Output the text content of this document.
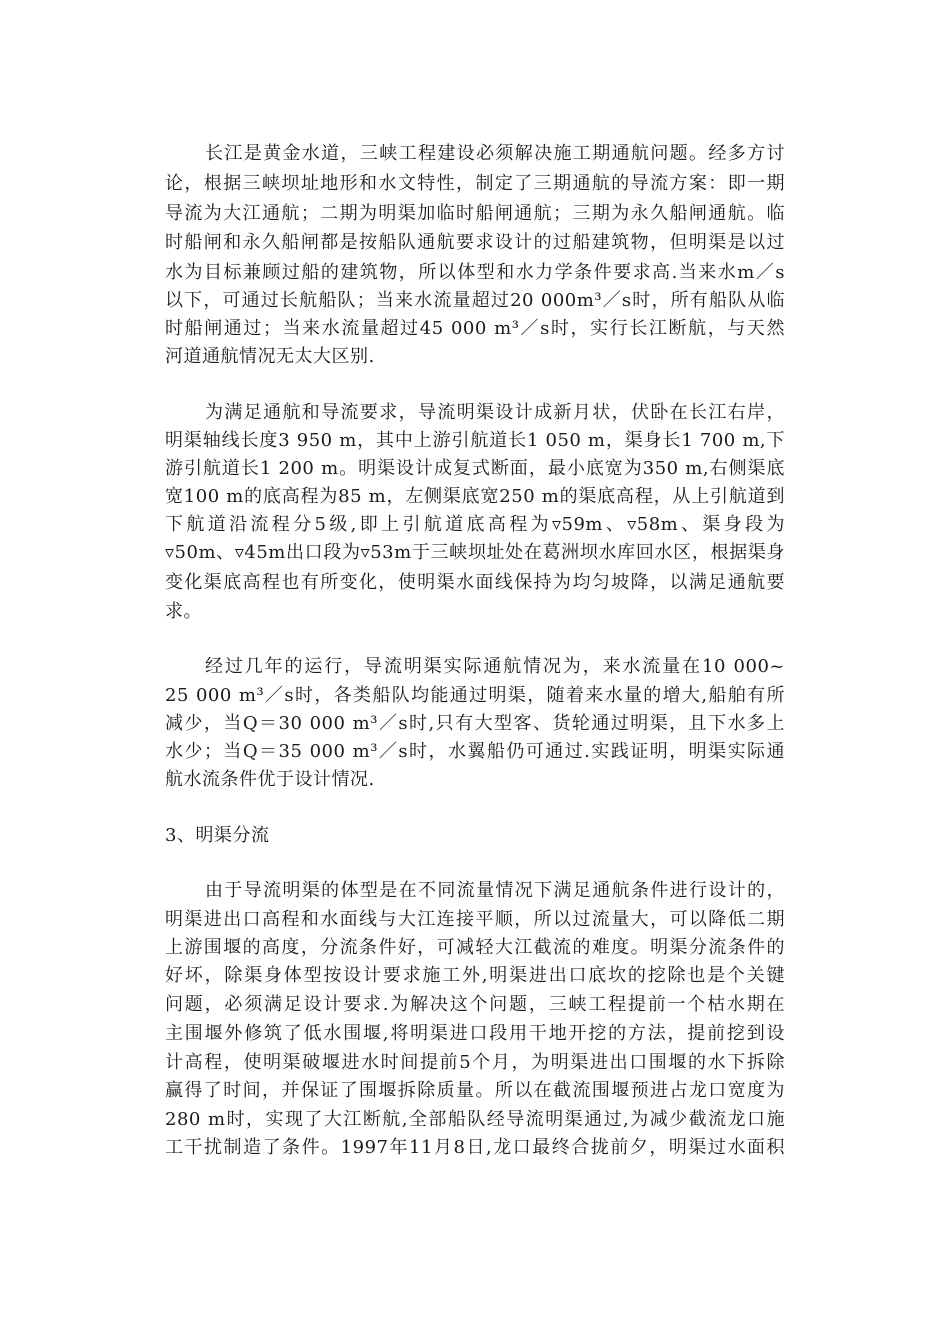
长江是黄金水道，三峡工程建设必须解决施工期通航问题。经多方讨
论，根据三峡坝址地形和水文特性，制定了三期通航的导流方案：即一期
导流为大江通航；二期为明渠加临时船闸通航；三期为永久船闸通航。临
时船闸和永久船闸都是按船队通航要求设计的过船建筑物，但明渠是以过
水为目标兼顾过船的建筑物，所以体型和水力学条件要求高.当来水m／s
以下，可通过长航船队；当来水流量超过20 000m³／s时，所有船队从临
时船闸通过；当来水流量超过45 000 m³／s时，实行长江断航，与天然
河道通航情况无太大区别.
为满足通航和导流要求，导流明渠设计成新月状，伏卧在长江右岸，
明渠轴线长度3 950 m，其中上游引航道长1 050 m，渠身长1 700 m,下
游引航道长1 200 m。明渠设计成复式断面，最小底宽为350 m,右侧渠底
宽100 m的底高程为85 m，左侧渠底宽250 m的渠底高程，从上引航道到
下航道沿流程分5级,即上引航道底高程为▿59m、▿58m、渠身段为
▿50m、▿45m出口段为▿53m于三峡坝址处在葛洲坝水库回水区，根据渠身
变化渠底高程也有所变化，使明渠水面线保持为均匀坡降，以满足通航要
求。
经过几年的运行，导流明渠实际通航情况为，来水流量在10 000~
25 000 m³／s时，各类船队均能通过明渠，随着来水量的增大,船舶有所
减少，当Q＝30 000 m³／s时,只有大型客、货轮通过明渠，且下水多上
水少；当Q＝35 000 m³／s时，水翼船仍可通过.实践证明，明渠实际通
航水流条件优于设计情况.
3、明渠分流
由于导流明渠的体型是在不同流量情况下满足通航条件进行设计的，
明渠进出口高程和水面线与大江连接平顺，所以过流量大，可以降低二期
上游围堰的高度，分流条件好，可减轻大江截流的难度。明渠分流条件的
好坏，除渠身体型按设计要求施工外,明渠进出口底坎的挖除也是个关键
问题，必须满足设计要求.为解决这个问题，三峡工程提前一个枯水期在
主围堰外修筑了低水围堰,将明渠进口段用干地开挖的方法，提前挖到设
计高程，使明渠破堰进水时间提前5个月，为明渠进出口围堰的水下拆除
赢得了时间，并保证了围堰拆除质量。所以在截流围堰预进占龙口宽度为
280 m时，实现了大江断航,全部船队经导流明渠通过,为减少截流龙口施
工干扰制造了条件。1997年11月8日,龙口最终合拢前夕，明渠过水面积
